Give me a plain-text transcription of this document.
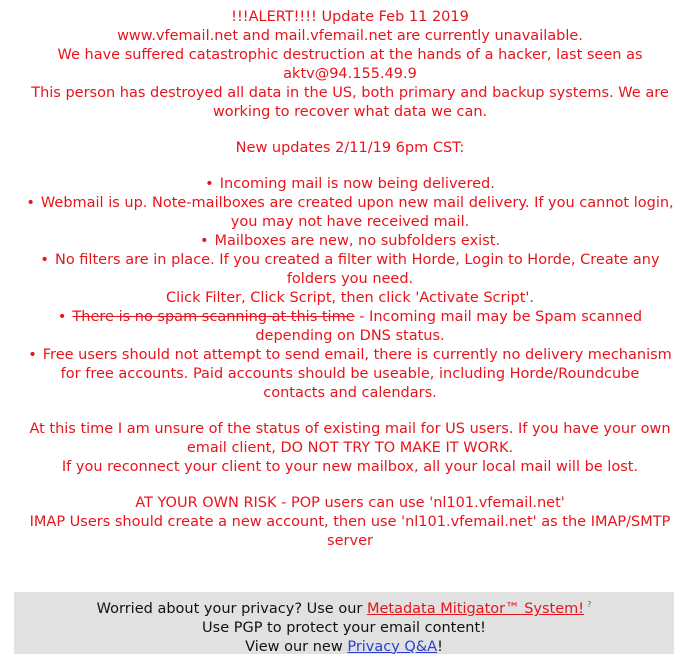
!!!ALERT!!!! Update Feb 11 2019

www.vfemail.net and mail.vfemail.net are currently unavailable.

We have suffered catastrophic destruction at the hands of a hacker, last seen as

aktv@94.155.49.9

This person has destroyed all data in the US, both primary and backup systems. We are

working to recover what data we can.

New updates 2/11/19 6pm CST:

• Incoming mail is now being delivered.
• Webmail is up. Note-mailboxes are created upon new mail delivery. If you cannot login,
you may not have received mail.
• Mailboxes are new, no subfolders exist.
• No filters are in place. If you created a filter with Horde, Login to Horde, Create any
folders you need.
Click Filter, Click Script, then click 'Activate Script'.
• There is no spam scanning at this time - Incoming mail may be Spam scanned
depending on DNS status.
• Free users should not attempt to send email, there is currently no delivery mechanism
for free accounts. Paid accounts should be useable, including Horde/Roundcube
contacts and calendars.

At this time I am unsure of the status of existing mail for US users. If you have your own

email client, DO NOT TRY TO MAKE IT WORK.

If you reconnect your client to your new mailbox, all your local mail will be lost.

AT YOUR OWN RISK - POP users can use 'nl101.vfemail.net'

IMAP Users should create a new account, then use 'nl101.vfemail.net' as the IMAP/SMTP

server

Worried about your privacy? Use our Metadata Mitigator™ System! ?

Use PGP to protect your email content!

View our new Privacy Q&A!
